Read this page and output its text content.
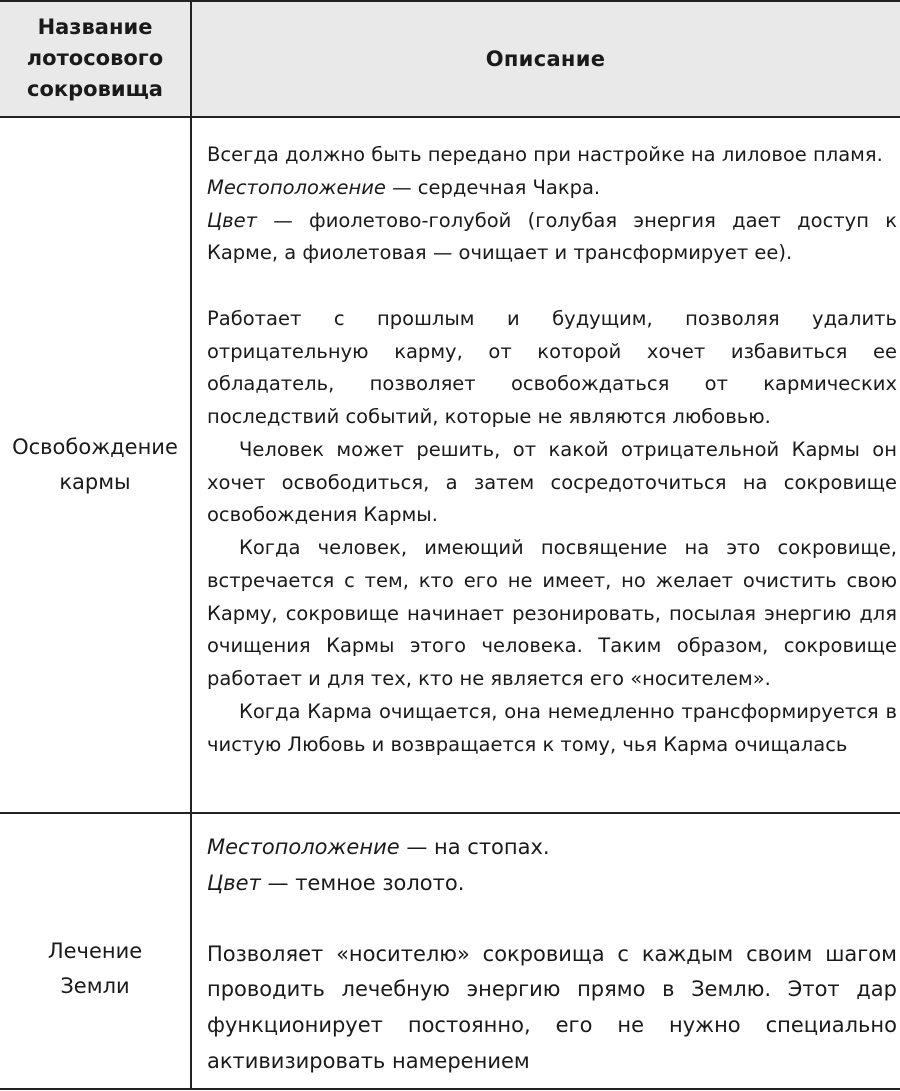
Название
лотосового
сокровища
Описание
Освобождение
кармы

Всегда должно быть передано при настройке на лиловое пламя.

Местоположение — сердечная Чакра.

Цвет — фиолетово-голубой (голубая энергия дает доступ к Карме, а фиолетовая — очищает и трансформирует ее).

Работает с прошлым и будущим, позволяя удалить отрицательную карму, от которой хочет избавиться ее обладатель, позволяет освобождаться от кармических последствий событий, которые не являются любовью.

Человек может решить, от какой отрицательной Кармы он хочет освободиться, а затем сосредоточиться на сокровище освобождения Кармы.

Когда человек, имеющий посвящение на это сокровище, встречается с тем, кто его не имеет, но желает очистить свою Карму, сокровище начинает резонировать, посылая энергию для очищения Кармы этого человека. Таким образом, сокровище работает и для тех, кто не является его «носителем».

Когда Карма очищается, она немедленно трансформируется в чистую Любовь и возвращается к тому, чья Карма очищалась

Лечение
Земли

Местоположение — на стопах.

Цвет — темное золото.

Позволяет «носителю» сокровища с каждым своим шагом проводить лечебную энергию прямо в Землю. Этот дар функционирует постоянно, его не нужно специально активизировать намерением
